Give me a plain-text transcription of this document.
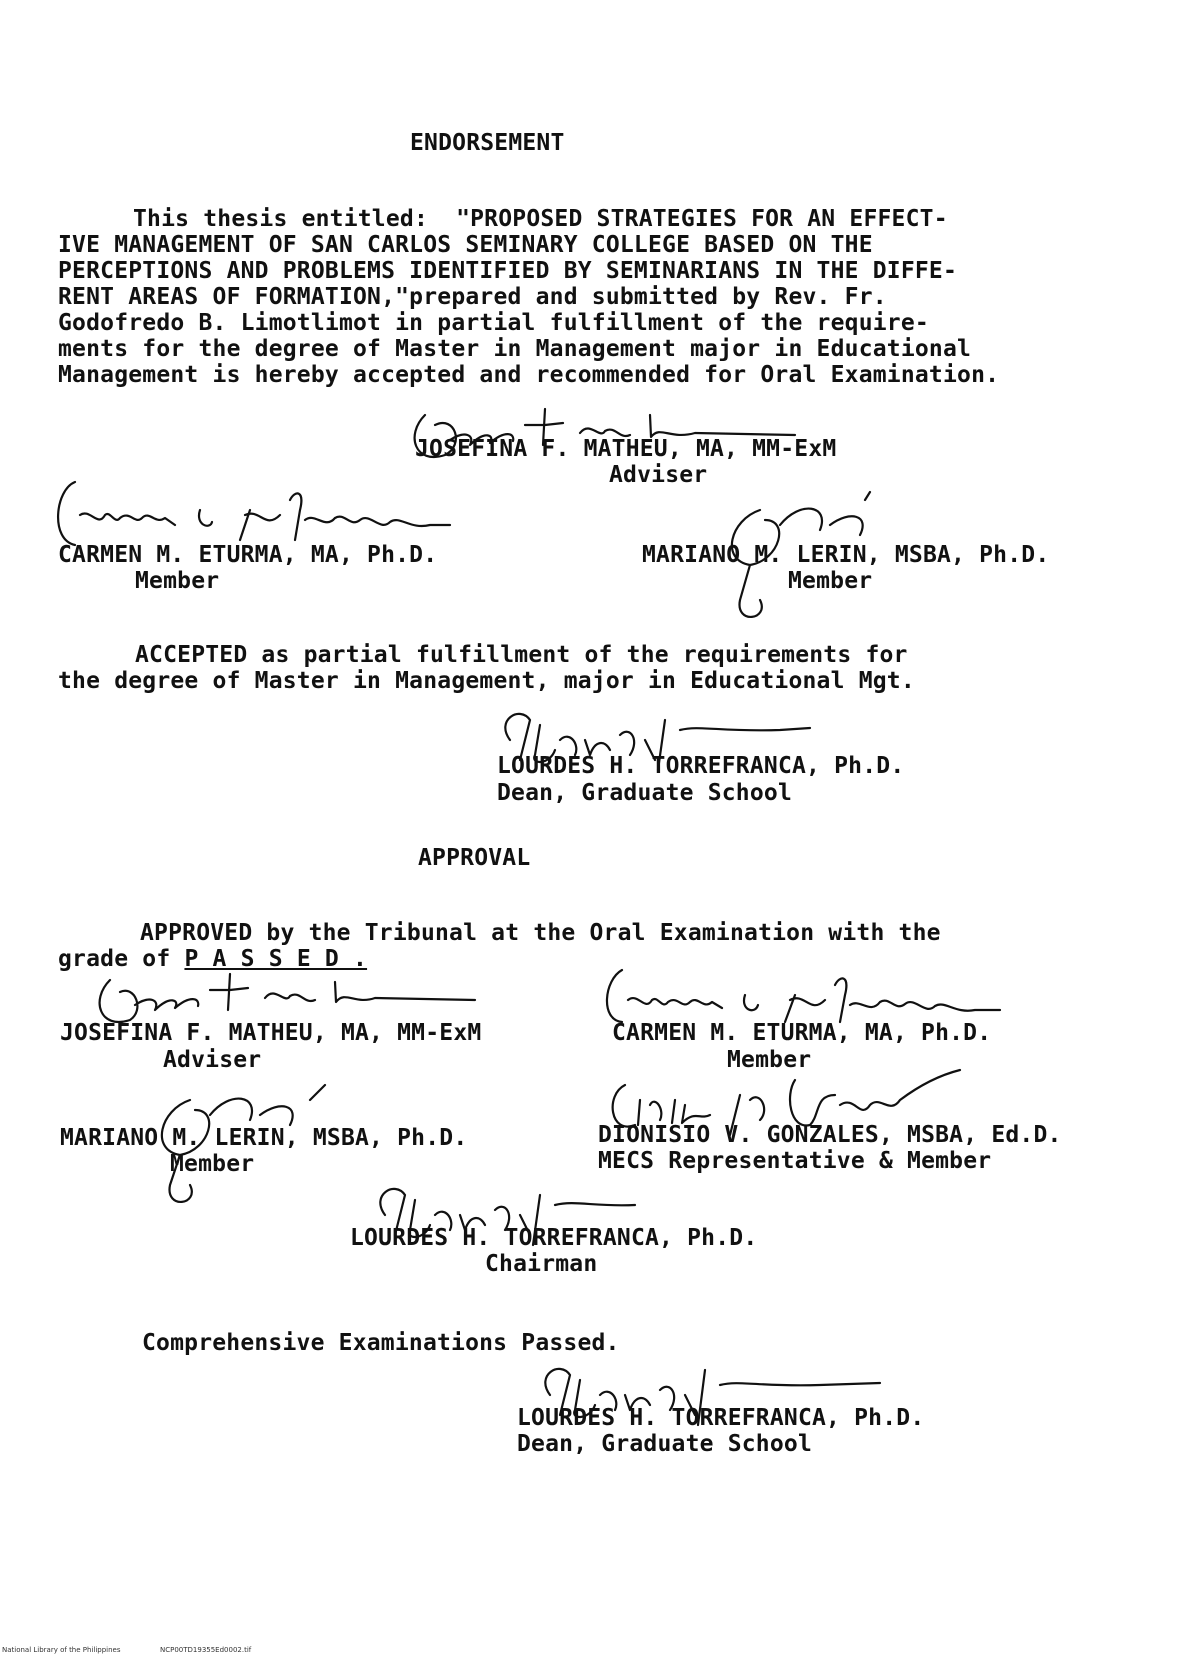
ENDORSEMENT
This thesis entitled:  "PROPOSED STRATEGIES FOR AN EFFECT-
IVE MANAGEMENT OF SAN CARLOS SEMINARY COLLEGE BASED ON THE
PERCEPTIONS AND PROBLEMS IDENTIFIED BY SEMINARIANS IN THE DIFFE-
RENT AREAS OF FORMATION,"prepared and submitted by Rev. Fr.
Godofredo B. Limotlimot in partial fulfillment of the require-
ments for the degree of Master in Management major in Educational
Management is hereby accepted and recommended for Oral Examination.
JOSEFINA F. MATHEU, MA, MM-ExM
Adviser
CARMEN M. ETURMA, MA, Ph.D.
Member
MARIANO M. LERIN, MSBA, Ph.D.
Member
ACCEPTED as partial fulfillment of the requirements for
the degree of Master in Management, major in Educational Mgt.
LOURDES H. TORREFRANCA, Ph.D.
Dean, Graduate School
APPROVAL
APPROVED by the Tribunal at the Oral Examination with the
grade of P A S S E D .
JOSEFINA F. MATHEU, MA, MM-ExM
Adviser
CARMEN M. ETURMA, MA, Ph.D.
Member
MARIANO M. LERIN, MSBA, Ph.D.
Member
DIONISIO V. GONZALES, MSBA, Ed.D.
MECS Representative & Member
LOURDES H. TORREFRANCA, Ph.D.
Chairman
Comprehensive Examinations Passed.
LOURDES H. TORREFRANCA, Ph.D.
Dean, Graduate School
National Library of the Philippines	NCP00TD19355Ed0002.tif
